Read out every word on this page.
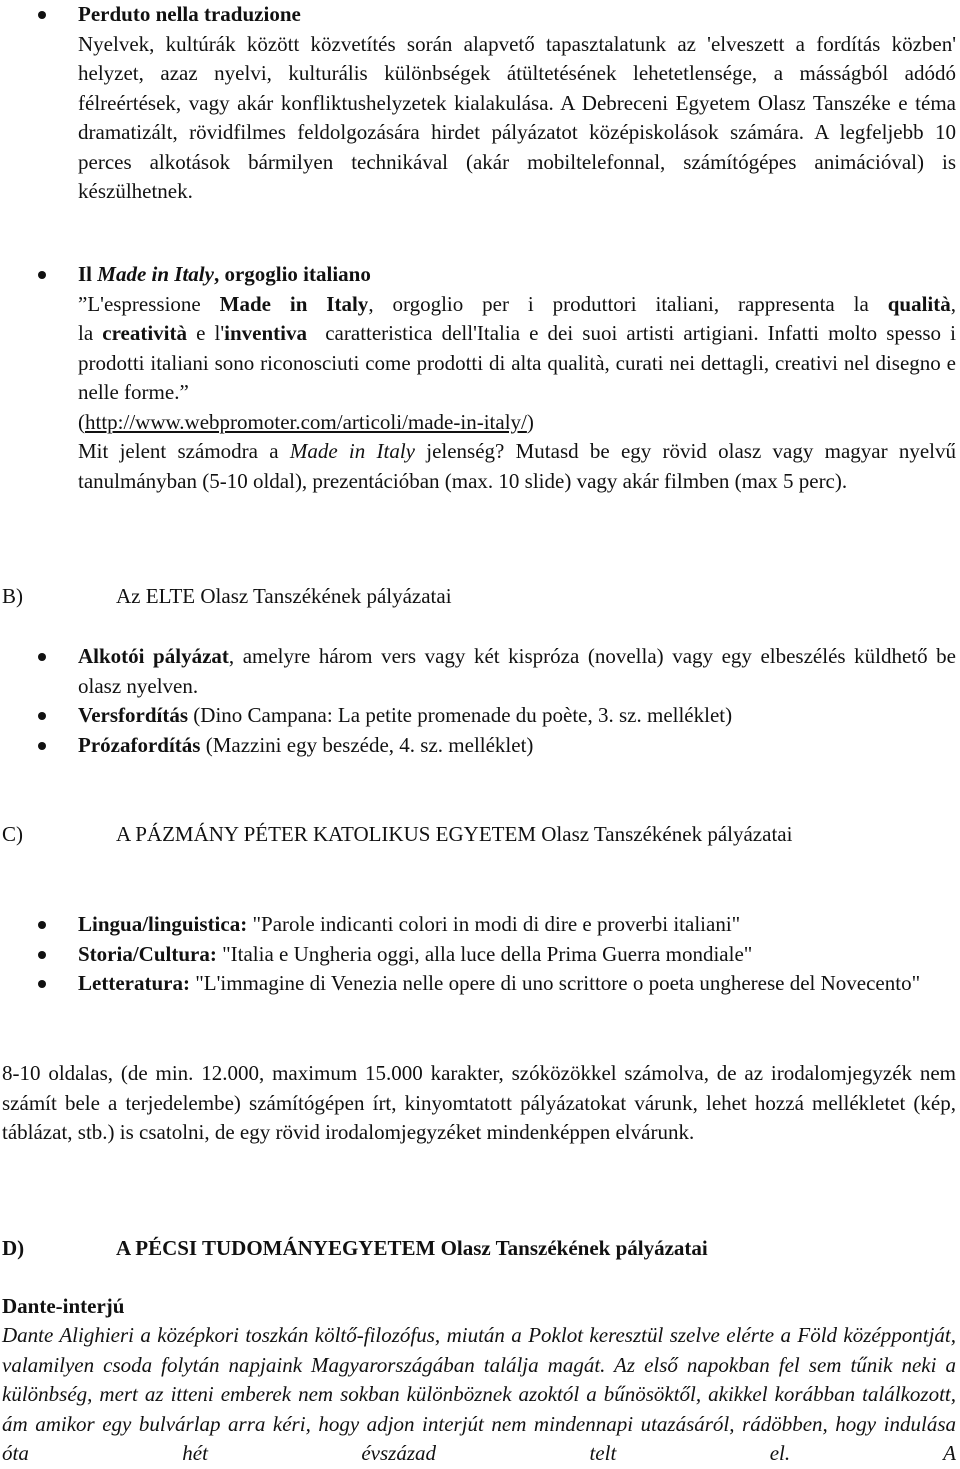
Perduto nella traduzione

Nyelvek, kultúrák között közvetítés során alapvető tapasztalatunk az 'elveszett a fordítás közben' helyzet, azaz nyelvi, kulturális különbségek átültetésének lehetetlensége, a másságból adódó félreértések, vagy akár konfliktushelyzetek kialakulása. A Debreceni Egyetem Olasz Tanszéke e téma dramatizált, rövidfilmes feldolgozására hirdet pályázatot középiskolások számára. A legfeljebb 10 perces alkotások bármilyen technikával (akár mobiltelefonnal, számítógépes animációval) is készülhetnek.

Il Made in Italy, orgoglio italiano

”L'espressione Made in Italy, orgoglio per i produttori italiani, rappresenta la qualità,
la creatività e l'inventiva caratteristica dell'Italia e dei suoi artisti artigiani. Infatti molto spesso i prodotti italiani sono riconosciuti come prodotti di alta qualità, curati nei dettagli, creativi nel disegno e nelle forme.”

(http://www.webpromoter.com/articoli/made-in-italy/)

Mit jelent számodra a Made in Italy jelenség? Mutasd be egy rövid olasz vagy magyar nyelvű tanulmányban (5-10 oldal), prezentációban (max. 10 slide) vagy akár filmben (max 5 perc).

B)	Az ELTE Olasz Tanszékének pályázatai
Alkotói pályázat, amelyre három vers vagy két kispróza (novella) vagy egy elbeszélés küldhető be olasz nyelven.
Versfordítás (Dino Campana: La petite promenade du poète, 3. sz. melléklet)
Prózafordítás (Mazzini egy beszéde, 4. sz. melléklet)
C)	A PÁZMÁNY PÉTER KATOLIKUS EGYETEM Olasz Tanszékének pályázatai
Lingua/linguistica: "Parole indicanti colori in modi di dire e proverbi italiani"
Storia/Cultura: "Italia e Ungheria oggi, alla luce della Prima Guerra mondiale"
Letteratura: "L'immagine di Venezia nelle opere di uno scrittore o poeta ungherese del Novecento"

8-10 oldalas, (de min. 12.000, maximum 15.000 karakter, szóközökkel számolva, de az irodalomjegyzék nem számít bele a terjedelembe) számítógépen írt, kinyomtatott pályázatokat várunk, lehet hozzá mellékletet (kép, táblázat, stb.) is csatolni, de egy rövid irodalomjegyzéket mindenképpen elvárunk.

D)	A PÉCSI TUDOMÁNYEGYETEM Olasz Tanszékének pályázatai

Dante-interjú

Dante Alighieri a középkori toszkán költő-filozófus, miután a Poklot keresztül szelve elérte a Föld középpontját, valamilyen csoda folytán napjaink Magyarországában találja magát. Az első napokban fel sem tűnik neki a különbség, mert az itteni emberek nem sokban különböznek azoktól a bűnösöktől, akikkel korábban találkozott, ám amikor egy bulvárlap arra kéri, hogy adjon interjút nem mindennapi utazásáról, rádöbben, hogy indulása óta hét évszázad telt el. A
